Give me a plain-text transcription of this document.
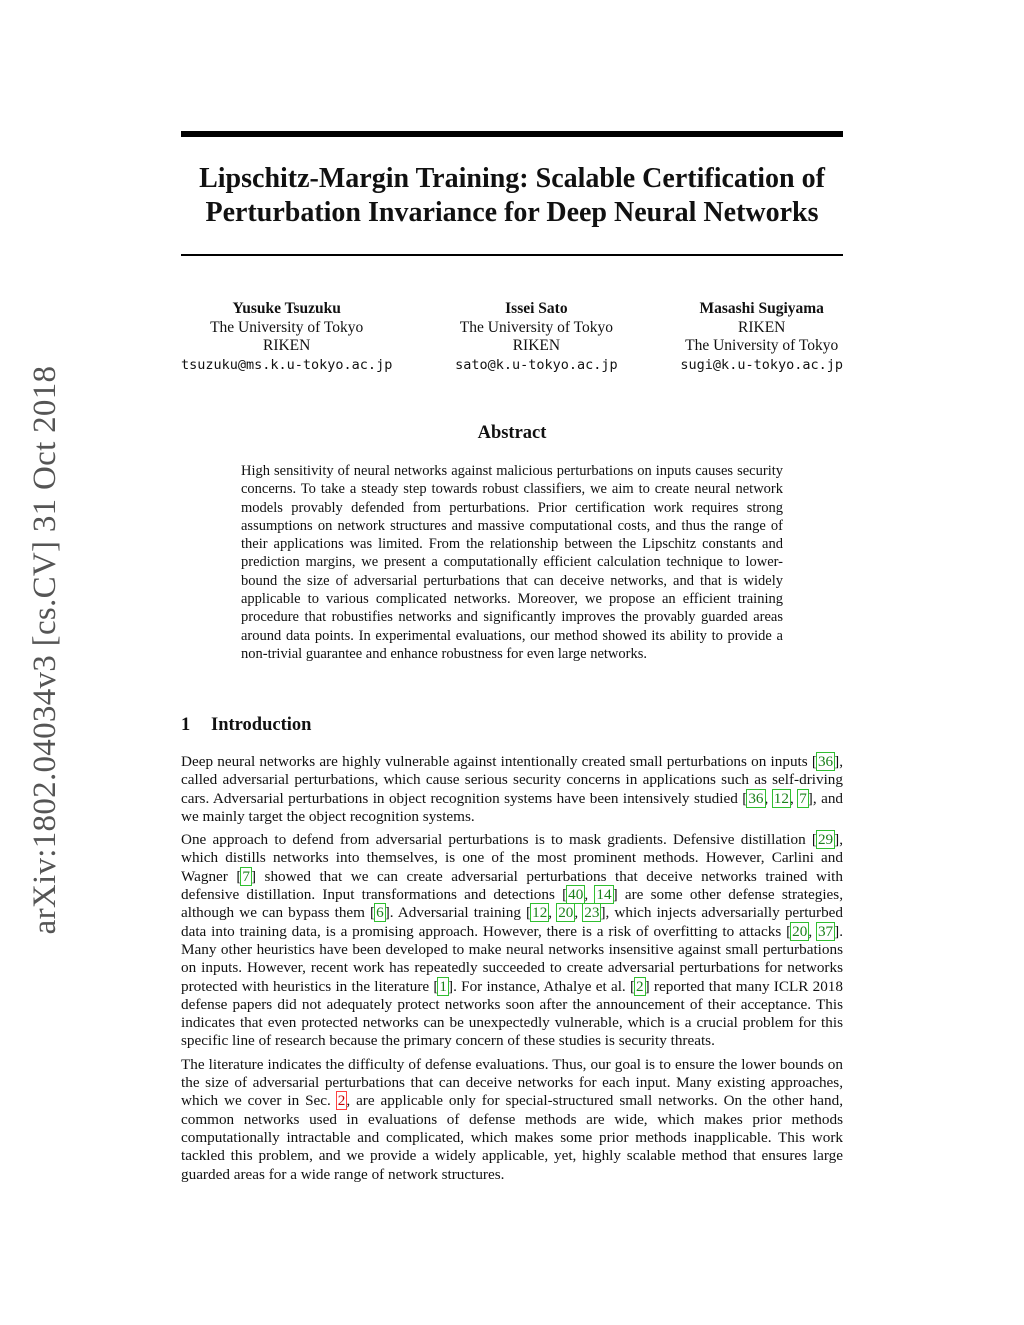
arXiv:1802.04034v3 [cs.CV] 31 Oct 2018
Lipschitz-Margin Training: Scalable Certification of
Perturbation Invariance for Deep Neural Networks
Yusuke Tsuzuku
The University of Tokyo
RIKEN
tsuzuku@ms.k.u-tokyo.ac.jp
Issei Sato
The University of Tokyo
RIKEN
sato@k.u-tokyo.ac.jp
Masashi Sugiyama
RIKEN
The University of Tokyo
sugi@k.u-tokyo.ac.jp
Abstract

High sensitivity of neural networks against malicious perturbations on inputs causes security concerns. To take a steady step towards robust classifiers, we aim to create neural network models provably defended from perturbations. Prior certification work requires strong assumptions on network structures and massive computational costs, and thus the range of their applications was limited. From the relationship between the Lipschitz constants and prediction margins, we present a computationally efficient calculation technique to lower-bound the size of adversarial perturbations that can deceive networks, and that is widely applicable to various complicated networks. Moreover, we propose an efficient training procedure that robustifies networks and significantly improves the provably guarded areas around data points. In experimental evaluations, our method showed its ability to provide a non-trivial guarantee and enhance robustness for even large networks.

1 Introduction

Deep neural networks are highly vulnerable against intentionally created small perturbations on inputs [36], called adversarial perturbations, which cause serious security concerns in applications such as self-driving cars. Adversarial perturbations in object recognition systems have been intensively studied [36, 12, 7], and we mainly target the object recognition systems.

One approach to defend from adversarial perturbations is to mask gradients. Defensive distillation [29], which distills networks into themselves, is one of the most prominent methods. However, Carlini and Wagner [7] showed that we can create adversarial perturbations that deceive networks trained with defensive distillation. Input transformations and detections [40, 14] are some other defense strategies, although we can bypass them [6]. Adversarial training [12, 20, 23], which injects adversarially perturbed data into training data, is a promising approach. However, there is a risk of overfitting to attacks [20, 37]. Many other heuristics have been developed to make neural networks insensitive against small perturbations on inputs. However, recent work has repeatedly succeeded to create adversarial perturbations for networks protected with heuristics in the literature [1]. For instance, Athalye et al. [2] reported that many ICLR 2018 defense papers did not adequately protect networks soon after the announcement of their acceptance. This indicates that even protected networks can be unexpectedly vulnerable, which is a crucial problem for this specific line of research because the primary concern of these studies is security threats.

The literature indicates the difficulty of defense evaluations. Thus, our goal is to ensure the lower bounds on the size of adversarial perturbations that can deceive networks for each input. Many existing approaches, which we cover in Sec. 2, are applicable only for special-structured small networks. On the other hand, common networks used in evaluations of defense methods are wide, which makes prior methods computationally intractable and complicated, which makes some prior methods inapplicable. This work tackled this problem, and we provide a widely applicable, yet, highly scalable method that ensures large guarded areas for a wide range of network structures.
